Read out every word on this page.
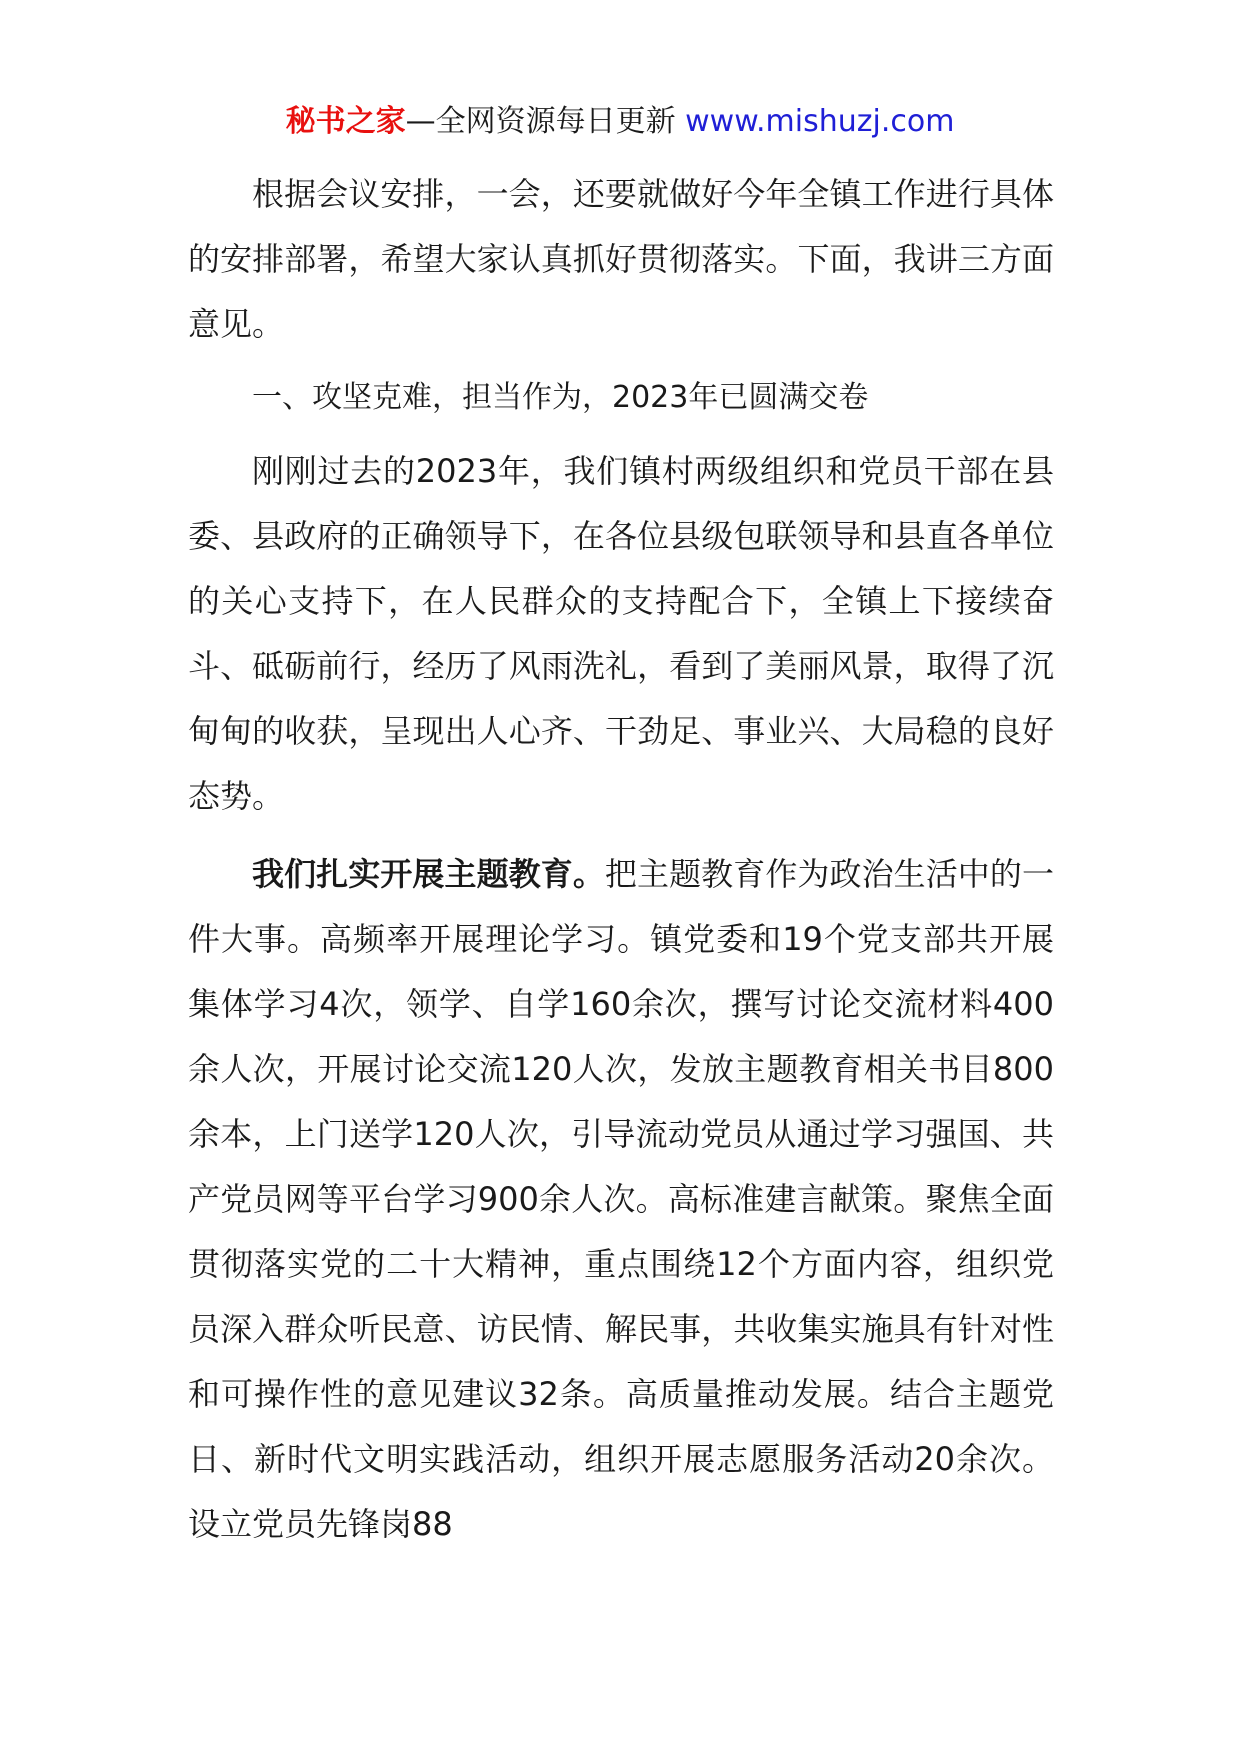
秘书之家—全网资源每日更新 www.mishuzj.com

根据会议安排，一会，还要就做好今年全镇工作进行具体的安排部署，希望大家认真抓好贯彻落实。下面，我讲三方面意见。

一、攻坚克难，担当作为，2023年已圆满交卷

刚刚过去的2023年，我们镇村两级组织和党员干部在县委、县政府的正确领导下，在各位县级包联领导和县直各单位的关心支持下，在人民群众的支持配合下，全镇上下接续奋斗、砥砺前行，经历了风雨洗礼，看到了美丽风景，取得了沉甸甸的收获，呈现出人心齐、干劲足、事业兴、大局稳的良好态势。

我们扎实开展主题教育。把主题教育作为政治生活中的一件大事。高频率开展理论学习。镇党委和19个党支部共开展集体学习4次，领学、自学160余次，撰写讨论交流材料400余人次，开展讨论交流120人次，发放主题教育相关书目800余本，上门送学120人次，引导流动党员从通过学习强国、共产党员网等平台学习900余人次。高标准建言献策。聚焦全面贯彻落实党的二十大精神，重点围绕12个方面内容，组织党员深入群众听民意、访民情、解民事，共收集实施具有针对性和可操作性的意见建议32条。高质量推动发展。结合主题党日、新时代文明实践活动，组织开展志愿服务活动20余次。设立党员先锋岗88
